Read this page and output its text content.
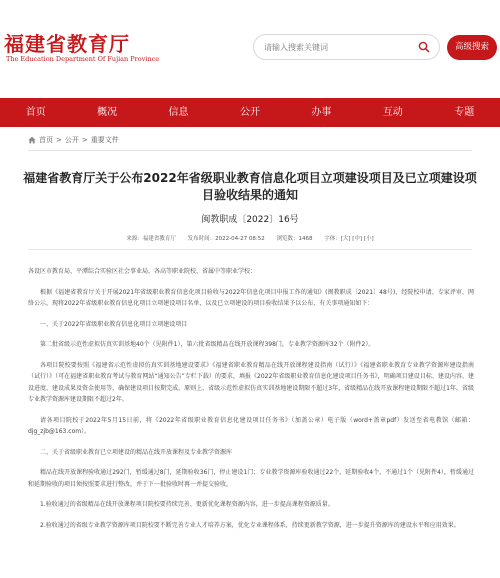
福建省教育厅
The Education Department Of Fujian Province
请输入搜索关键词
高级搜索
首页	概况	信息	公开	办事	互动	专题
首页 > 公开 > 重要文件
福建省教育厅关于公布2022年省级职业教育信息化项目立项建设项目及已立项建设项目验收结果的通知
闽教职成〔2022〕16号
来源：福建省教育厅 发布时间：2022-04-27 08:52 浏览数：1468 字体：[大] [中] [小]

各设区市教育局、平潭综合实验区社会事业局，各高等职业院校、省属中等职业学校：

根据《福建省教育厅关于开展2021年省级职业教育信息化项目验收与2022年信息化项目申报工作的通知》(闽教职成〔2021〕48号)，经院校申请、专家评审、网络公示，现将2022年省级职业教育信息化项目立项建设项目名单，以及已立项建设的项目验收结果予以公布，有关事项通知如下：

一、关于2022年省级职业教育信息化项目立项建设项目

第二批省级示范性虚拟仿真实训基地40个（见附件1），第六批省级精品在线开放课程398门，专业教学资源库32个（附件2）。

各项目院校要按照《福建省示范性虚拟仿真实训基地建设要求》《福建省职业教育精品在线开放课程建设指南（试行）》《福建省职业教育专业教学资源库建设指南（试行）》（可在福建省职业教育考试与教育网站“通知公告”专栏下载）的要求，填报《2022年省级职业教育信息化建设项目任务书》，明确项目建设目标、建设内容、建设进度、建设成果及资金使用等，确保建设项目按期完成。原则上，省级示范性虚拟仿真实训基地建设期限不超过3年，省级精品在线开放课程建设期限不超过1年，省级专业教学资源库建设期限不超过2年。

请各项目院校于2022年5月15日前，将《2022年省级职业教育信息化建设项目任务书》（加盖公章）电子版（word+盖章pdf）发送至省电教馆（邮箱：djg_zjb@163.com）。

二、关于省级职业教育已立项建设的精品在线开放课程及专业教学资源库

精品在线开放课程验收通过292门，暂缓通过8门，延期验收36门，停止建设1门；专业教学资源库验收通过22个，延期验收4个，不通过1个（见附件4），暂缓通过和延期验收的项目须按照要求进行整改，并于下一批验收时再一并提交验收。

1.验收通过的省级精品在线开放课程项目院校要持续完善、更新优化课程资源内容，进一步提高课程资源质量。

2.验收通过的省级专业教学资源库项目院校要不断完善专业人才培养方案，优化专业课程体系，持续更新教学资源，进一步提升资源库的建设水平和应用效果。
